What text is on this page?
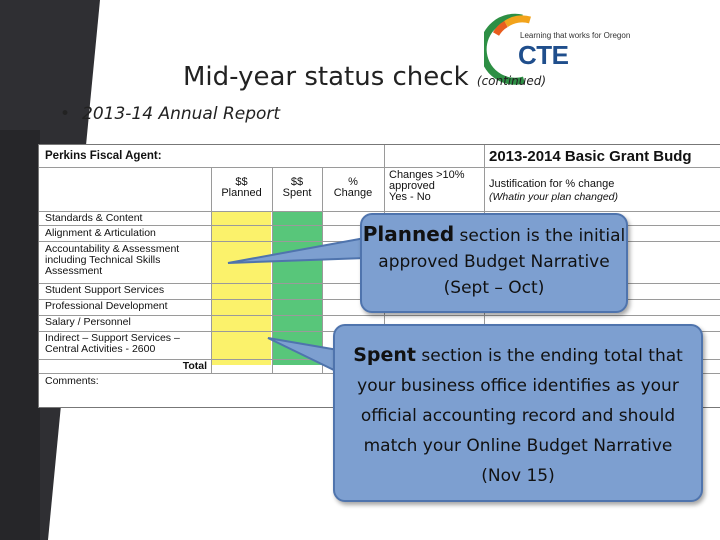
Learning that works for Oregon
CTE
Mid-year status check (continued)
• 2013-14 Annual Report
Perkins Fiscal Agent:	2013-2014 Basic Grant Budg
$$
Planned
$$
Spent
%
Change
Changes >10%
approved
Yes - No
Justification for % change
(Whatin your plan changed)
Standards & Content
Alignment & Articulation
Accountability & Assessment including Technical Skills Assessment
Student Support Services
Professional Development
Salary / Personnel
Indirect – Support Services – Central Activities - 2600
Total
Comments:
Planned section is the initial approved Budget Narrative (Sept – Oct)
Spent section is the ending total that your business office identifies as your official accounting record and should match your Online Budget Narrative (Nov 15)
